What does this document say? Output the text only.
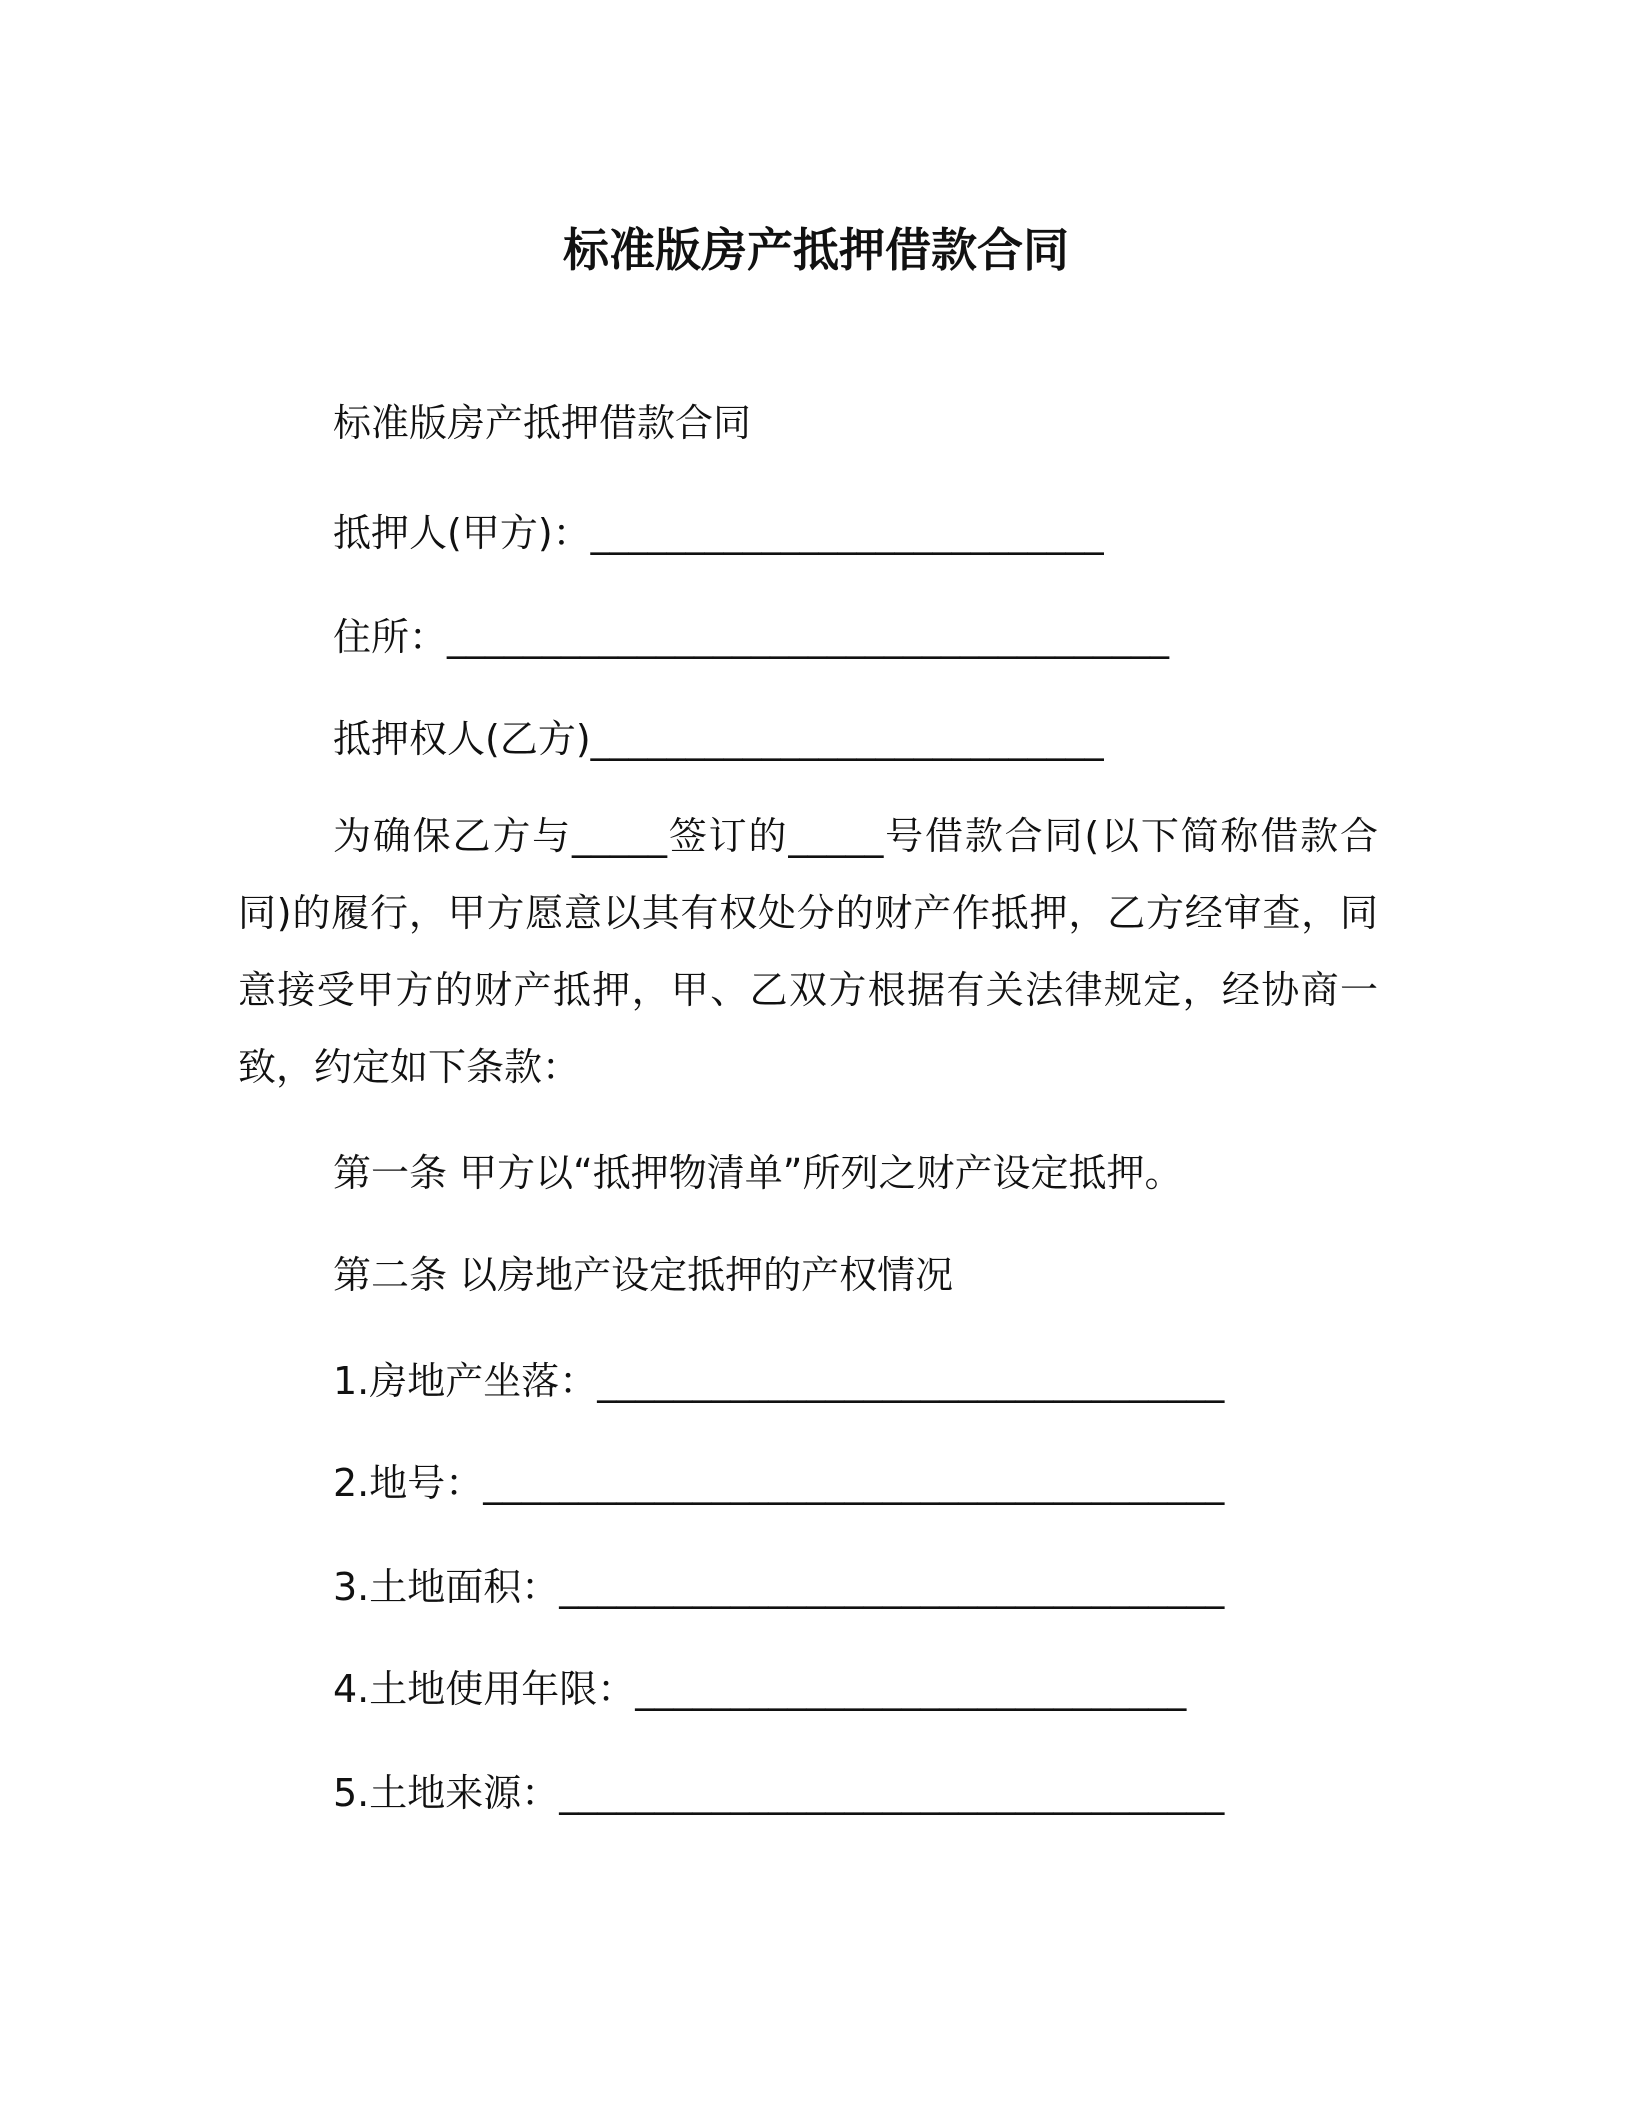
标准版房产抵押借款合同
标准版房产抵押借款合同
抵押人(甲方)：___________________________
住所：______________________________________
抵押权人(乙方)___________________________

为确保乙方与_____签订的_____号借款合同(以下简称借款合同)的履行，甲方愿意以其有权处分的财产作抵押，乙方经审查，同意接受甲方的财产抵押，甲、乙双方根据有关法律规定，经协商一致，约定如下条款：

第一条 甲方以“抵押物清单”所列之财产设定抵押。
第二条 以房地产设定抵押的产权情况
1.房地产坐落：_________________________________
2.地号：_______________________________________
3.土地面积：___________________________________
4.土地使用年限：_____________________________
5.土地来源：___________________________________
